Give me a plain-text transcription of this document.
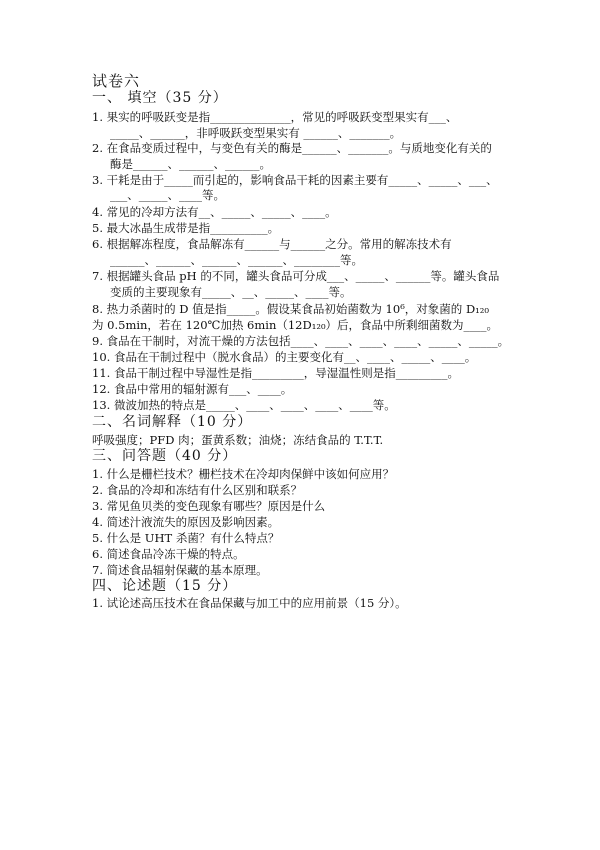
试卷六
一、 填空（35 分）
1. 果实的呼吸跃变是指______________，常见的呼吸跃变型果实有___、
_____、______，非呼吸跃变型果实有 ______、_______。
2. 在食品变质过程中，与变色有关的酶是______、_______。与质地变化有关的
酶是______、______、______。
3. 干耗是由于_____而引起的，影响食品干耗的因素主要有_____、_____、___、
___、_____、____等。
4. 常见的冷却方法有__、_____、_____、____。
5. 最大冰晶生成带是指__________。
6. 根据解冻程度，食品解冻有______与______之分。常用的解冻技术有
______、______、______、______、________等。
7. 根据罐头食品 pH 的不同，罐头食品可分成___、_____、______等。罐头食品
变质的主要现象有_____、__、_____、____等。
8. 热力杀菌时的 D 值是指_____。假设某食品初始菌数为 10⁶，对象菌的 D₁₂₀
为 0.5min，若在 120℃加热 6min（12D₁₂₀）后，食品中所剩细菌数为____。
9. 食品在干制时，对流干燥的方法包括____、____、____、____、_____、_____。
10. 食品在干制过程中（脱水食品）的主要变化有__、____、_____、____。
11. 食品干制过程中导湿性是指_________，导湿温性则是指_________。
12. 食品中常用的辐射源有___、____。
13. 微波加热的特点是_____、____、____、____、____等。
二、名词解释（10 分）
呼吸强度；PFD 肉；蛋黄系数；油烧；冻结食品的 T.T.T.
三、问答题（40 分）
1. 什么是栅栏技术？栅栏技术在冷却肉保鲜中该如何应用？
2. 食品的冷却和冻结有什么区别和联系？
3. 常见鱼贝类的变色现象有哪些？原因是什么
4. 简述汁液流失的原因及影响因素。
5. 什么是 UHT 杀菌？有什么特点？
6. 简述食品冷冻干燥的特点。
7. 简述食品辐射保藏的基本原理。
四、论述题（15 分）
1. 试论述高压技术在食品保藏与加工中的应用前景（15 分）。
